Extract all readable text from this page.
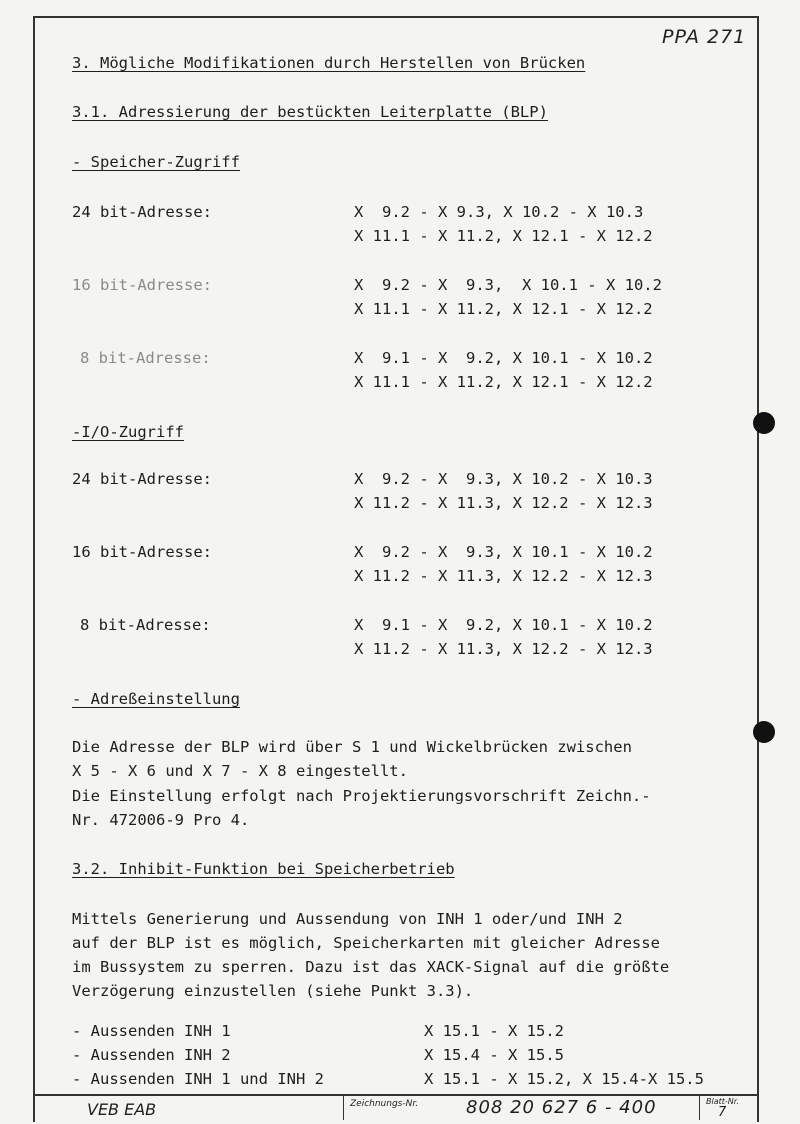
PPA 271
3. Mögliche Modifikationen durch Herstellen von Brücken
3.1. Adressierung der bestückten Leiterplatte (BLP)
- Speicher-Zugriff
24 bit-Adresse:	X  9.2 - X 9.3, X 10.2 - X 10.3
X 11.1 - X 11.2, X 12.1 - X 12.2
16 bit-Adresse:	X  9.2 - X  9.3,  X 10.1 - X 10.2
X 11.1 - X 11.2, X 12.1 - X 12.2
8 bit-Adresse:	X  9.1 - X  9.2, X 10.1 - X 10.2
X 11.1 - X 11.2, X 12.1 - X 12.2
-I/O-Zugriff
24 bit-Adresse:	X  9.2 - X  9.3, X 10.2 - X 10.3
X 11.2 - X 11.3, X 12.2 - X 12.3
16 bit-Adresse:	X  9.2 - X  9.3, X 10.1 - X 10.2
X 11.2 - X 11.3, X 12.2 - X 12.3
8 bit-Adresse:	X  9.1 - X  9.2, X 10.1 - X 10.2
X 11.2 - X 11.3, X 12.2 - X 12.3
- Adreßeinstellung
Die Adresse der BLP wird über S 1 und Wickelbrücken zwischen
X 5 - X 6 und X 7 - X 8 eingestellt.
Die Einstellung erfolgt nach Projektierungsvorschrift Zeichn.-
Nr. 472006-9 Pro 4.
3.2. Inhibit-Funktion bei Speicherbetrieb
Mittels Generierung und Aussendung von INH 1 oder/und INH 2
auf der BLP ist es möglich, Speicherkarten mit gleicher Adresse
im Bussystem zu sperren. Dazu ist das XACK-Signal auf die größte
Verzögerung einzustellen (siehe Punkt 3.3).
- Aussenden INH 1	X 15.1 - X 15.2
- Aussenden INH 2	X 15.4 - X 15.5
- Aussenden INH 1 und INH 2	X 15.1 - X 15.2, X 15.4-X 15.5
VEB EAB	Zeichnungs-Nr.	808 20 627 6 - 400	Blatt-Nr.
7
